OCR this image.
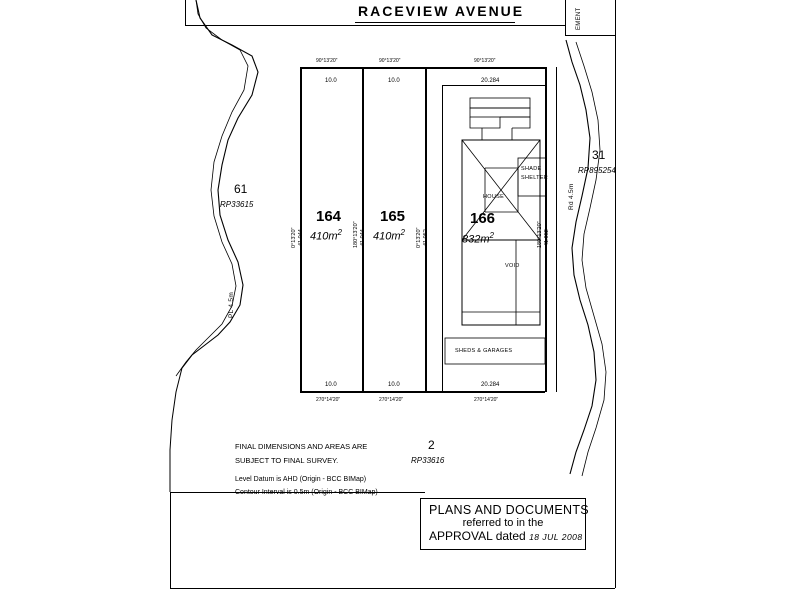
EMENT
RACEVIEW AVENUE
164
$410m^2$
165
$410m^2$
166
$832m^2$
HOUSE
SHADE
SHELTER
VOID
SHEDS & GARAGES
90°13'20"	90°13'20"	90°13'20"
10.0	10.0	20.284
10.0	10.0	20.284
270°14'20"	270°14'20"	270°14'20"
0°13'20" 41.044	180°13'20" 41.044	0°13'20" 41.052	180°13'20" 41.052
61
RP33615
31
RP895254
2
RP33616
PL 4.5m
Rd 4.5m
FINAL DIMENSIONS AND AREAS ARE
SUBJECT TO FINAL SURVEY.
Level Datum is AHD (Origin - BCC BIMap)
Contour Interval is 0.5m (Origin - BCC BIMap)
PLANS AND DOCUMENTS
referred to in the
APPROVAL dated 18 JUL 2008
